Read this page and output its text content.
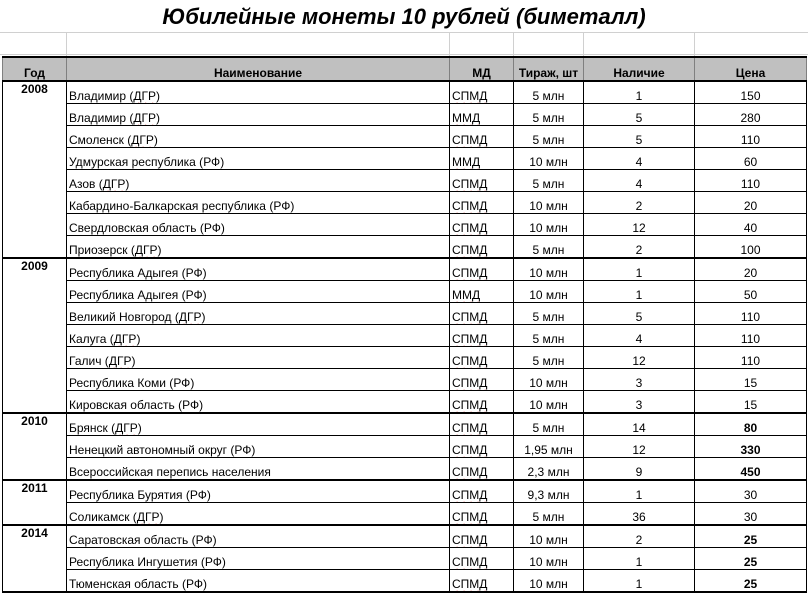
Юбилейные монеты 10 рублей (биметалл)
Год	Наименование	МД	Тираж, шт	Наличие	Цена
2008	Владимир (ДГР)	СПМД	5 млн	1	150
	Владимир (ДГР)	ММД	5 млн	5	280
	Смоленск (ДГР)	СПМД	5 млн	5	110
	Удмурская республика (РФ)	ММД	10 млн	4	60
	Азов (ДГР)	СПМД	5 млн	4	110
	Кабардино-Балкарская республика (РФ)	СПМД	10 млн	2	20
	Свердловская область (РФ)	СПМД	10 млн	12	40
	Приозерск (ДГР)	СПМД	5 млн	2	100
2009	Республика Адыгея (РФ)	СПМД	10 млн	1	20
	Республика Адыгея (РФ)	ММД	10 млн	1	50
	Великий Новгород (ДГР)	СПМД	5 млн	5	110
	Калуга (ДГР)	СПМД	5 млн	4	110
	Галич (ДГР)	СПМД	5 млн	12	110
	Республика Коми (РФ)	СПМД	10 млн	3	15
	Кировская область (РФ)	СПМД	10 млн	3	15
2010	Брянск (ДГР)	СПМД	5 млн	14	80
	Ненецкий автономный округ (РФ)	СПМД	1,95 млн	12	330
	Всероссийская перепись населения	СПМД	2,3 млн	9	450
2011	Республика Бурятия (РФ)	СПМД	9,3 млн	1	30
	Соликамск (ДГР)	СПМД	5 млн	36	30
2014	Саратовская область (РФ)	СПМД	10 млн	2	25
	Республика Ингушетия (РФ)	СПМД	10 млн	1	25
	Тюменская область (РФ)	СПМД	10 млн	1	25
